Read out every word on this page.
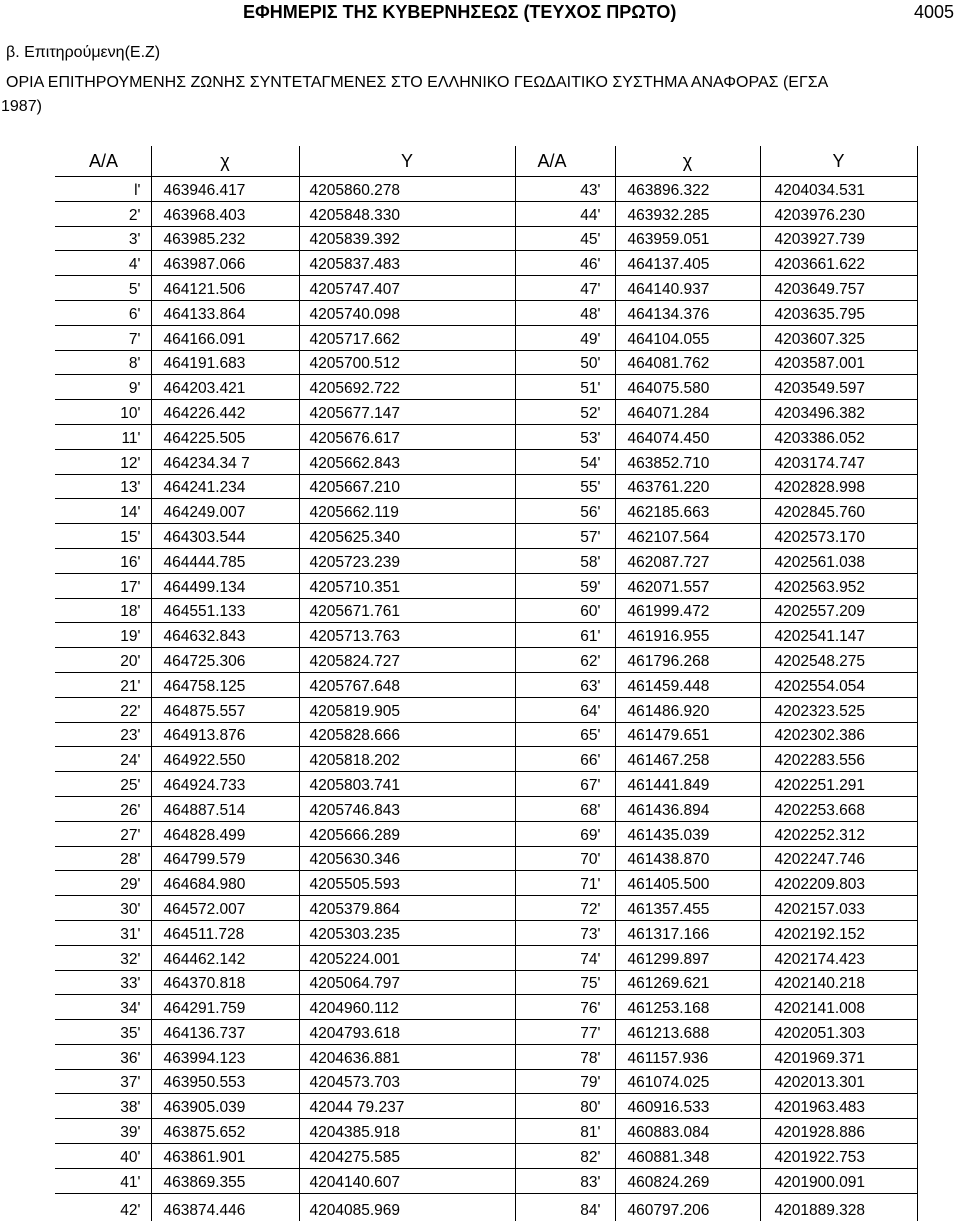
ΕΦΗΜΕΡΙΣ ΤΗΣ ΚΥΒΕΡΝΗΣΕΩΣ (ΤΕΥΧΟΣ ΠΡΩΤΟ)	4005
β. Επιτηρούμενη(Ε.Ζ)
ΟΡΙΑ ΕΠΙΤΗΡΟΥΜΕΝΗΣ ΖΩΝΗΣ ΣΥΝΤΕΤΑΓΜΕΝΕΣ ΣΤΟ ΕΛΛΗΝΙΚΟ ΓΕΩΔΑΙΤΙΚΟ ΣΥΣΤΗΜΑ ΑΝΑΦΟΡΑΣ (ΕΓΣΑ
1987)
Α/Α	χ	Υ	Α/Α	χ	Υ
l'	463946.417	4205860.278	43'	463896.322	4204034.531
2'	463968.403	4205848.330	44'	463932.285	4203976.230
3'	463985.232	4205839.392	45'	463959.051	4203927.739
4'	463987.066	4205837.483	46'	464137.405	4203661.622
5'	464121.506	4205747.407	47'	464140.937	4203649.757
6'	464133.864	4205740.098	48'	464134.376	4203635.795
7'	464166.091	4205717.662	49'	464104.055	4203607.325
8'	464191.683	4205700.512	50'	464081.762	4203587.001
9'	464203.421	4205692.722	51'	464075.580	4203549.597
10'	464226.442	4205677.147	52'	464071.284	4203496.382
11'	464225.505	4205676.617	53'	464074.450	4203386.052
12'	464234.34 7	4205662.843	54'	463852.710	4203174.747
13'	464241.234	4205667.210	55'	463761.220	4202828.998
14'	464249.007	4205662.119	56'	462185.663	4202845.760
15'	464303.544	4205625.340	57'	462107.564	4202573.170
16'	464444.785	4205723.239	58'	462087.727	4202561.038
17'	464499.134	4205710.351	59'	462071.557	4202563.952
18'	464551.133	4205671.761	60'	461999.472	4202557.209
19'	464632.843	4205713.763	61'	461916.955	4202541.147
20'	464725.306	4205824.727	62'	461796.268	4202548.275
21'	464758.125	4205767.648	63'	461459.448	4202554.054
22'	464875.557	4205819.905	64'	461486.920	4202323.525
23'	464913.876	4205828.666	65'	461479.651	4202302.386
24'	464922.550	4205818.202	66'	461467.258	4202283.556
25'	464924.733	4205803.741	67'	461441.849	4202251.291
26'	464887.514	4205746.843	68'	461436.894	4202253.668
27'	464828.499	4205666.289	69'	461435.039	4202252.312
28'	464799.579	4205630.346	70'	461438.870	4202247.746
29'	464684.980	4205505.593	71'	461405.500	4202209.803
30'	464572.007	4205379.864	72'	461357.455	4202157.033
31'	464511.728	4205303.235	73'	461317.166	4202192.152
32'	464462.142	4205224.001	74'	461299.897	4202174.423
33'	464370.818	4205064.797	75'	461269.621	4202140.218
34'	464291.759	4204960.112	76'	461253.168	4202141.008
35'	464136.737	4204793.618	77'	461213.688	4202051.303
36'	463994.123	4204636.881	78'	461157.936	4201969.371
37'	463950.553	4204573.703	79'	461074.025	4202013.301
38'	463905.039	42044 79.237	80'	460916.533	4201963.483
39'	463875.652	4204385.918	81'	460883.084	4201928.886
40'	463861.901	4204275.585	82'	460881.348	4201922.753
41'	463869.355	4204140.607	83'	460824.269	4201900.091
42'	463874.446	4204085.969	84'	460797.206	4201889.328
